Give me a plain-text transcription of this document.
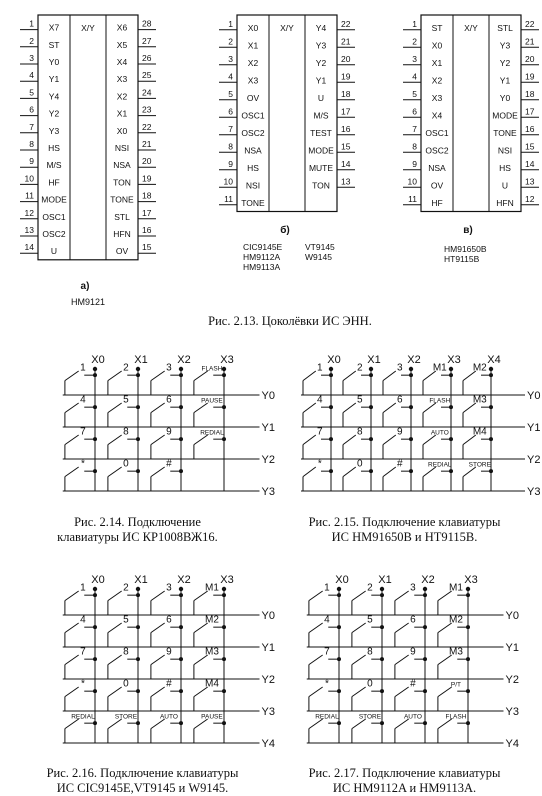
X/Y
1 X7
2 ST
3 Y0
4 Y1
5 Y4
6 Y2
7 Y3
8 HS
9 M/S
10 HF
11 MODE
12 OSC1
13 OSC2
14 U
28
X6
27
X5
26
X4
25
X3
24
X2
23
X1
22
X0
21
NSI
20
NSA
19
TON
18
TONE
17
STL
16
HFN
15
OV
a)
HM9121
X/Y
1 X0
2 X1
3 X2
4 X3
5 OV
6 OSC1
7 OSC2
8 NSA
9 HS
10 NSI
11 TONE
22
Y4
21
Y3
20
Y2
19
Y1
18
U
17
M/S
16
TEST
15
MODE
14
MUTE
13
TON
б)
CIC9145E
HM9112A
HM9113A
VT9145
W9145
X/Y
1 ST
2 X0
3 X1
4 X2
5 X3
6 X4
7 OSC1
8 OSC2
9 NSA
10 OV
11 HF
22
STL
21
Y3
20
Y2
19
Y1
18
Y0
17
MODE
16
TONE
15
NSI
14
HS
13
U
12
HFN
в)
HM91650B
HT9115B
X0	X1	X2	X3
Y0
Y1
Y2
Y3
1	2	3	FLASH
4	5	6	PAUSE
7	8	9	REDIAL
*	0	#
X0 X1 X2 X3 X4
Y0
Y1
Y2
Y3
1	2	3	M1	M2
4	5	6	FLASH M3
7	8	9	AUTO M4
*	0	#	REDIAL	STORE
X0	X1	X2	X3
Y0
Y1
Y2
Y3
Y4
1	2	3	M1
4	5	6	M2
7	8	9	M3
*	0	#	M4
REDIAL	STORE	AUTO	PAUSE
X0	X1	X2	X3
Y0
Y1
Y2
Y3
Y4
1	2	3	M1
4	5	6	M2
7	8	9	M3
*	0	#	P/T
REDIAL	STORE	AUTO	FLASH
Рис. 2.13. Цоколёвки ИС ЭНН.
Рис. 2.14. Подключение
клавиатуры ИС КР1008ВЖ16.
Рис. 2.15. Подключение клавиатуры
ИС HM91650B и HT9115B.
Рис. 2.16. Подключение клавиатуры
ИС CIC9145E,VT9145 и W9145.
Рис. 2.17. Подключение клавиатуры
ИС HM9112A и HM9113A.
